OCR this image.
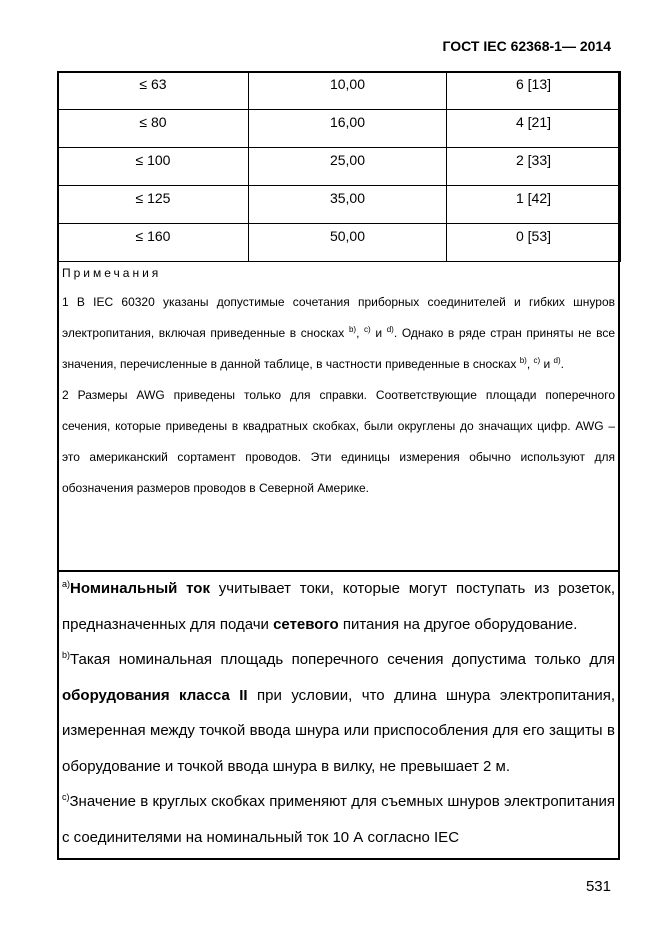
ГОСТ IEC 62368-1— 2014
≤ 63	10,00	6 [13]
≤ 80	16,00	4 [21]
≤ 100	25,00	2 [33]
≤ 125	35,00	1 [42]
≤ 160	50,00	0 [53]
Примечания

1 В IEC 60320 указаны допустимые сочетания приборных соединителей и гибких шнуров электропитания, включая приведенные в сносках $^{b)}$, $^{c)}$ и $^{d)}$. Однако в ряде стран приняты не все значения, перечисленные в данной таблице, в частности приведенные в сносках $^{b)}$, $^{c)}$ и $^{d)}$.

2 Размеры AWG приведены только для справки. Соответствующие площади поперечного сечения, которые приведены в квадратных скобках, были округлены до значащих цифр. AWG – это американский сортамент проводов. Эти единицы измерения обычно используют для обозначения размеров проводов в Северной Америке.

$^{a)}$Номинальный ток учитывает токи, которые могут поступать из розеток, предназначенных для подачи сетевого питания на другое оборудование.

$^{b)}$Такая номинальная площадь поперечного сечения допустима только для оборудования класса II при условии, что длина шнура электропитания, измеренная между точкой ввода шнура или приспособления для его защиты в оборудование и точкой ввода шнура в вилку, не превышает 2 м.

$^{c)}$Значение в круглых скобках применяют для съемных шнуров электропитания с соединителями на номинальный ток 10 А согласно IEC

531
